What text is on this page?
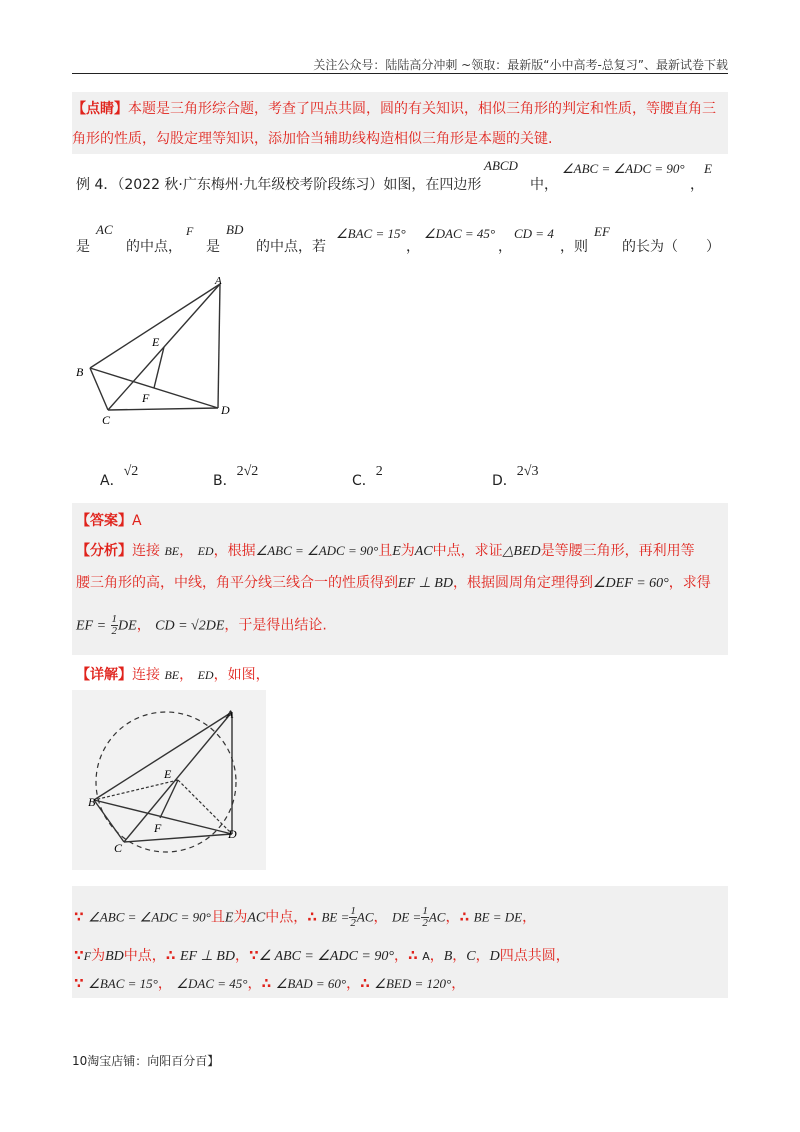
关注公众号：陆陆高分冲刺 ~领取：最新版“小中高考-总复习”、最新试卷下载
【点睛】本题是三角形综合题，考查了四点共圆，圆的有关知识，相似三角形的判定和性质，等腰直角三
角形的性质，勾股定理等知识，添加恰当辅助线构造相似三角形是本题的关键.
例 4．（2022 秋·广东梅州·九年级校考阶段练习）如图，在四边形
ABCD
中，
∠ABC = ∠ADC = 90°
，
E
是
AC
的中点，
F
是
BD
的中点，若
∠BAC = 15°
，
∠DAC = 45°
，
CD = 4
，则
EF
的长为（　　）
A
B
C
D
E
F
A．√2
B．2√2
C．2
D．2√3
【答案】A
【分析】连接 BE， ED，根据∠ABC = ∠ADC = 90°且E为AC中点，求证△BED是等腰三角形，再利用等
腰三角形的高，中线，角平分线三线合一的性质得到EF ⊥ BD，根据圆周角定理得到∠DEF = 60°，求得
EF = $\frac{1}{2}$ DE， CD = √2DE，于是得出结论.
【详解】连接 BE， ED，如图，
A
B
C
D
E
F
∵ ∠ABC = ∠ADC = 90°且E为AC中点，∴ BE = $\frac{1}{2}$ AC， DE = $\frac{1}{2}$ AC，∴ BE = DE，
∵F为BD中点，∴ EF ⊥ BD，∵∠ ABC = ∠ADC = 90°，∴ A，B，C，D四点共圆，
∵ ∠BAC = 15°， ∠DAC = 45°，∴ ∠BAD = 60°，∴ ∠BED = 120°，
10淘宝店铺：向阳百分百】
